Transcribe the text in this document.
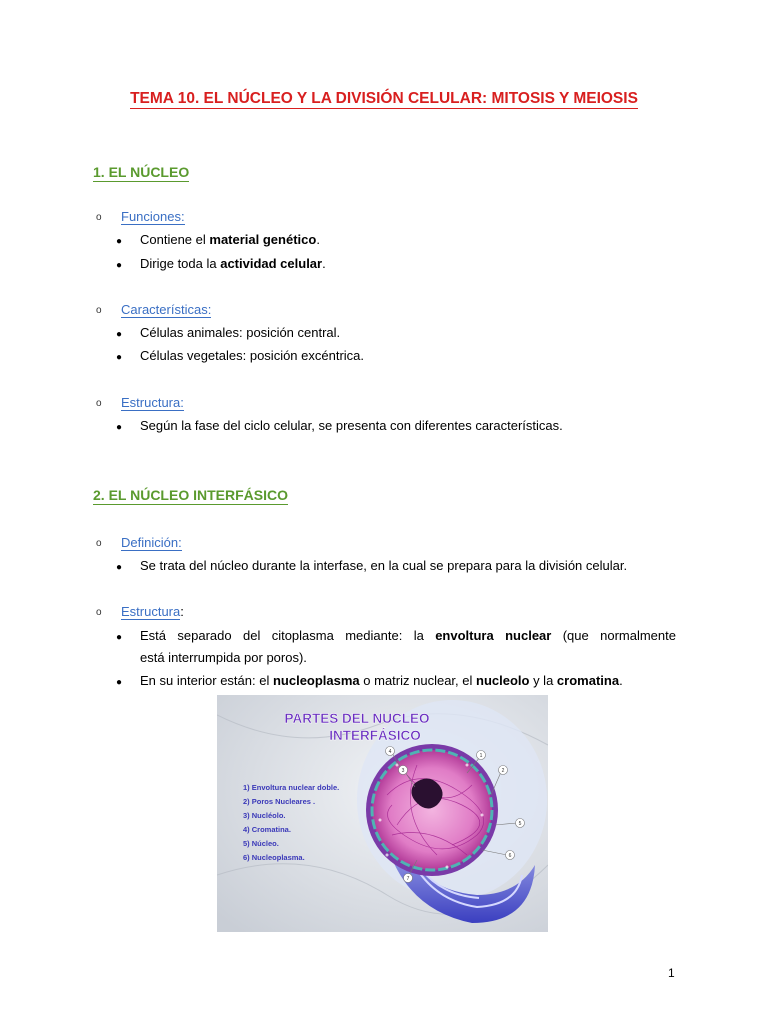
TEMA 10. EL NÚCLEO Y LA DIVISIÓN CELULAR: MITOSIS Y MEIOSIS
1. EL NÚCLEO
o Funciones:
● Contiene el material genético.
● Dirige toda la actividad celular.
o Características:
● Células animales: posición central.
● Células vegetales: posición excéntrica.
o Estructura:
● Según la fase del ciclo celular, se presenta con diferentes características.
2. EL NÚCLEO INTERFÁSICO
o Definición:
● Se trata del núcleo durante la interfase, en la cual se prepara para la división celular.
o Estructura:
● Está separado del citoplasma mediante: la envoltura nuclear (que normalmente
está interrumpida por poros).
● En su interior están: el nucleoplasma o matriz nuclear, el nucleolo y la cromatina.
1
2
3
4
5
6
7
PARTES DEL NUCLEO
INTERFÁSICO
1) Envoltura nuclear doble.
2) Poros Nucleares .
3) Nucléolo.
4) Cromatina.
5) Núcleo.
6) Nucleoplasma.
1
